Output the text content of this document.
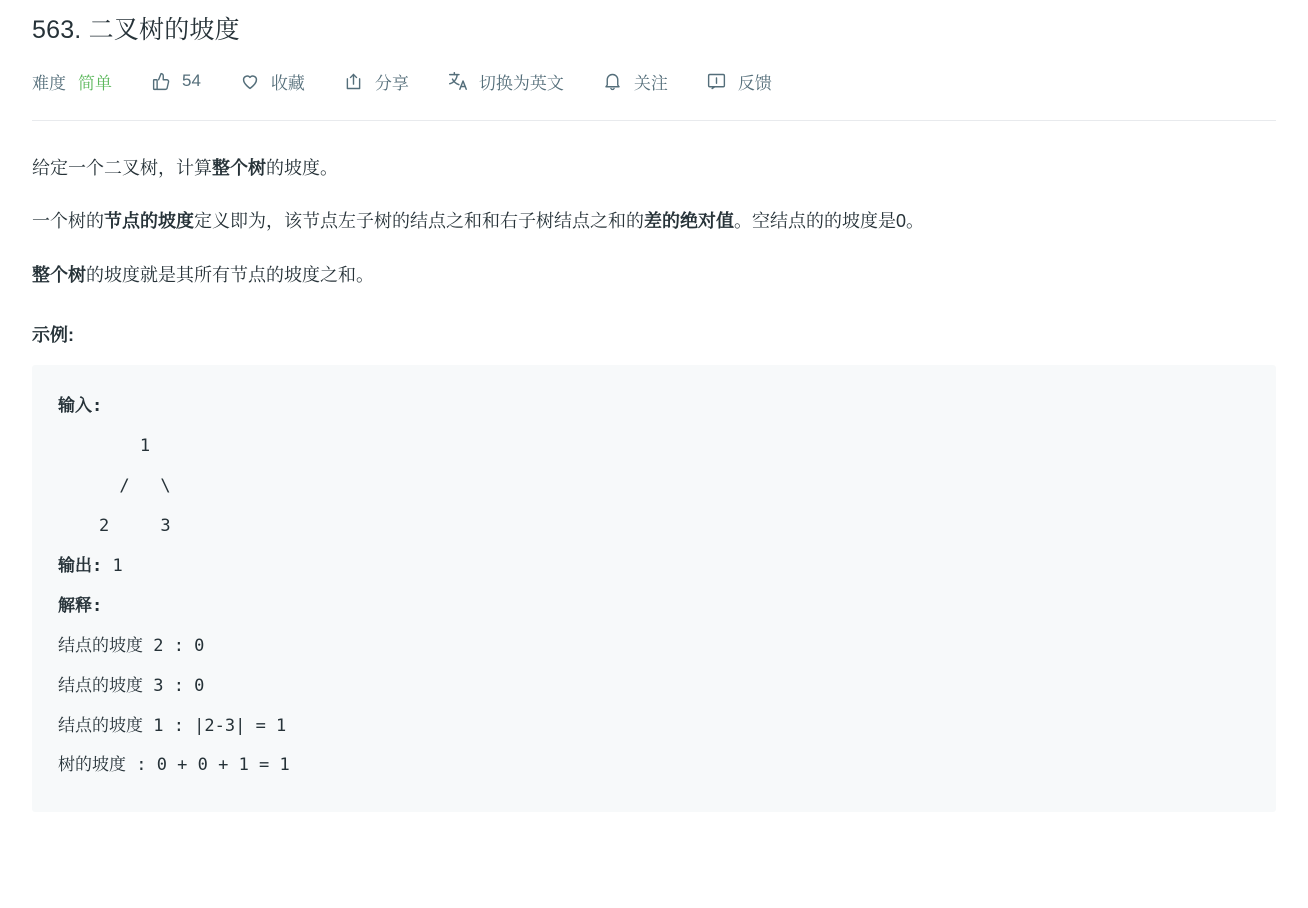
563. 二叉树的坡度
难度 简单	54	收藏	分享	切换为英文	关注	反馈

给定一个二叉树，计算整个树的坡度。

一个树的节点的坡度定义即为，该节点左子树的结点之和和右子树结点之和的差的绝对值。空结点的的坡度是0。

整个树的坡度就是其所有节点的坡度之和。

示例:
输入:
1
/   \
2     3
输出: 1
解释:
结点的坡度 2 : 0
结点的坡度 3 : 0
结点的坡度 1 : |2-3| = 1
树的坡度 : 0 + 0 + 1 = 1
